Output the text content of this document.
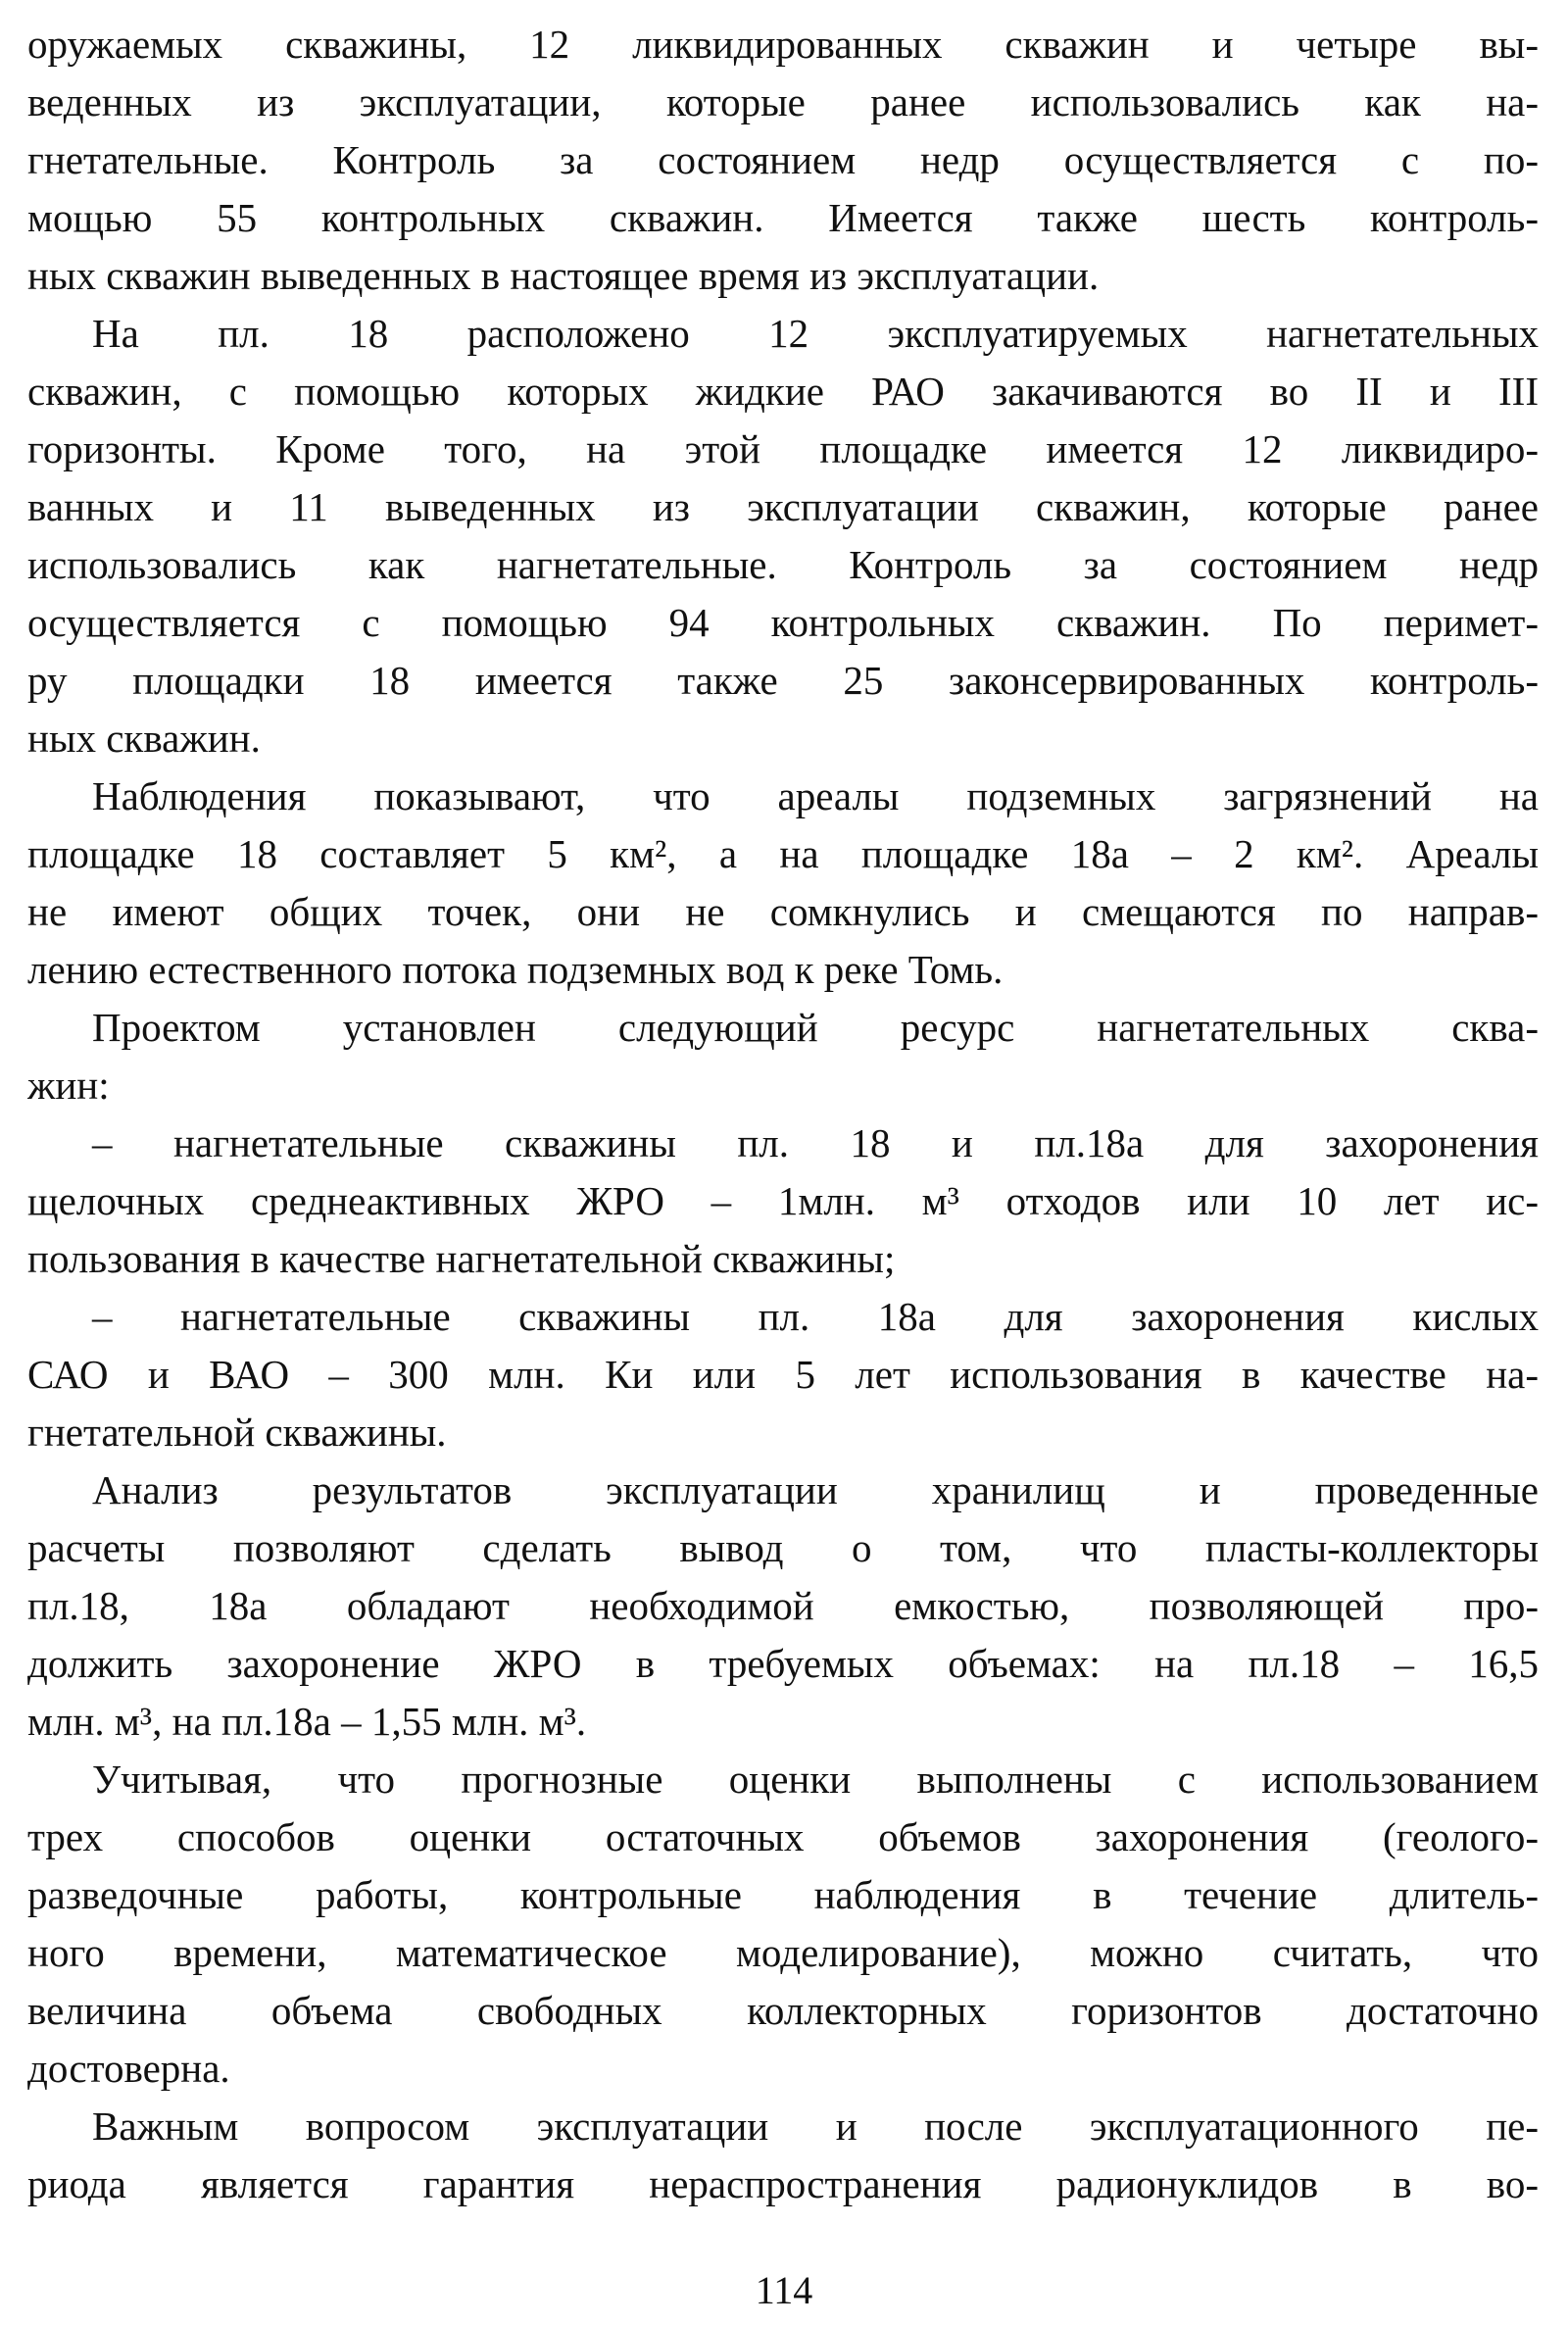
оружаемых скважины, 12 ликвидированных скважин и четыре вы-
веденных из эксплуатации, которые ранее использовались как на-
гнетательные. Контроль за состоянием недр осуществляется с по-
мощью 55 контрольных скважин. Имеется также шесть контроль-
ных скважин выведенных в настоящее время из эксплуатации.
На пл. 18 расположено 12 эксплуатируемых нагнетательных
скважин, с помощью которых жидкие РАО закачиваются во II и III
горизонты. Кроме того, на этой площадке имеется 12 ликвидиро-
ванных и 11 выведенных из эксплуатации скважин, которые ранее
использовались как нагнетательные. Контроль за состоянием недр
осуществляется с помощью 94 контрольных скважин. По перимет-
ру площадки 18 имеется также 25 законсервированных контроль-
ных скважин.
Наблюдения показывают, что ареалы подземных загрязнений на
площадке 18 составляет 5 км², а на площадке 18а – 2 км². Ареалы
не имеют общих точек, они не сомкнулись и смещаются по направ-
лению естественного потока подземных вод к реке Томь.
Проектом установлен следующий ресурс нагнетательных сква-
жин:
– нагнетательные скважины пл. 18 и пл.18а для захоронения
щелочных среднеактивных ЖРО – 1млн. м³ отходов или 10 лет ис-
пользования в качестве нагнетательной скважины;
– нагнетательные скважины пл. 18а для захоронения кислых
САО и ВАО – 300 млн. Ки или 5 лет использования в качестве на-
гнетательной скважины.
Анализ результатов эксплуатации хранилищ и проведенные
расчеты позволяют сделать вывод о том, что пласты-коллекторы
пл.18, 18а обладают необходимой емкостью, позволяющей про-
должить захоронение ЖРО в требуемых объемах: на пл.18 – 16,5
млн. м³, на пл.18а – 1,55 млн. м³.
Учитывая, что прогнозные оценки выполнены с использованием
трех способов оценки остаточных объемов захоронения (геолого-
разведочные работы, контрольные наблюдения в течение длитель-
ного времени, математическое моделирование), можно считать, что
величина объема свободных коллекторных горизонтов достаточно
достоверна.
Важным вопросом эксплуатации и после эксплуатационного пе-
риода является гарантия нераспространения радионуклидов в во-
114
